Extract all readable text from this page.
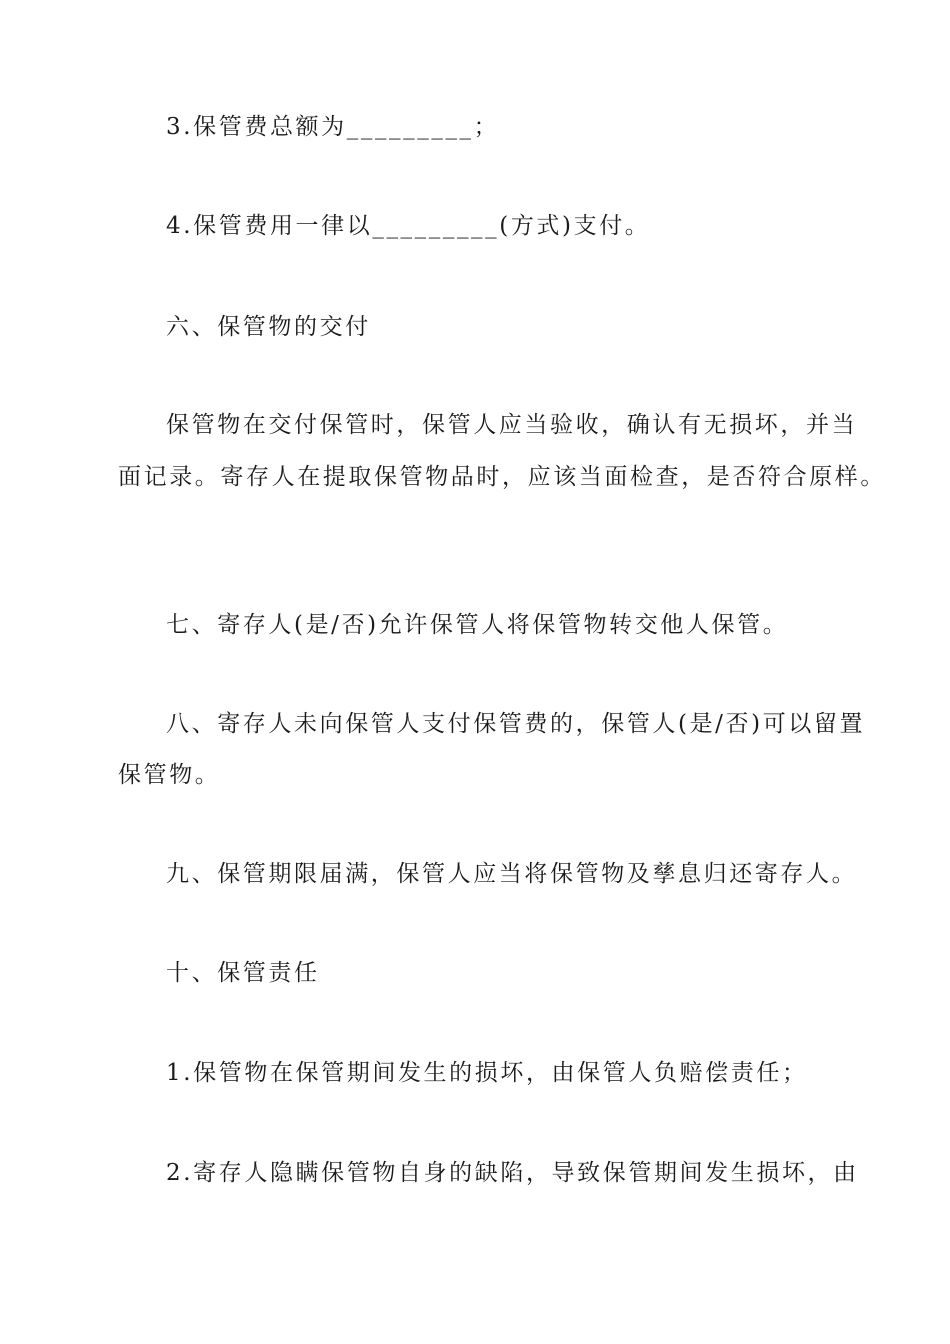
3.保管费总额为_________；
4.保管费用一律以_________(方式)支付。
六、保管物的交付
保管物在交付保管时，保管人应当验收，确认有无损坏，并当
面记录。寄存人在提取保管物品时，应该当面检查，是否符合原样。
七、寄存人(是/否)允许保管人将保管物转交他人保管。
八、寄存人未向保管人支付保管费的，保管人(是/否)可以留置
保管物。
九、保管期限届满，保管人应当将保管物及孳息归还寄存人。
十、保管责任
1.保管物在保管期间发生的损坏，由保管人负赔偿责任；
2.寄存人隐瞒保管物自身的缺陷，导致保管期间发生损坏，由
